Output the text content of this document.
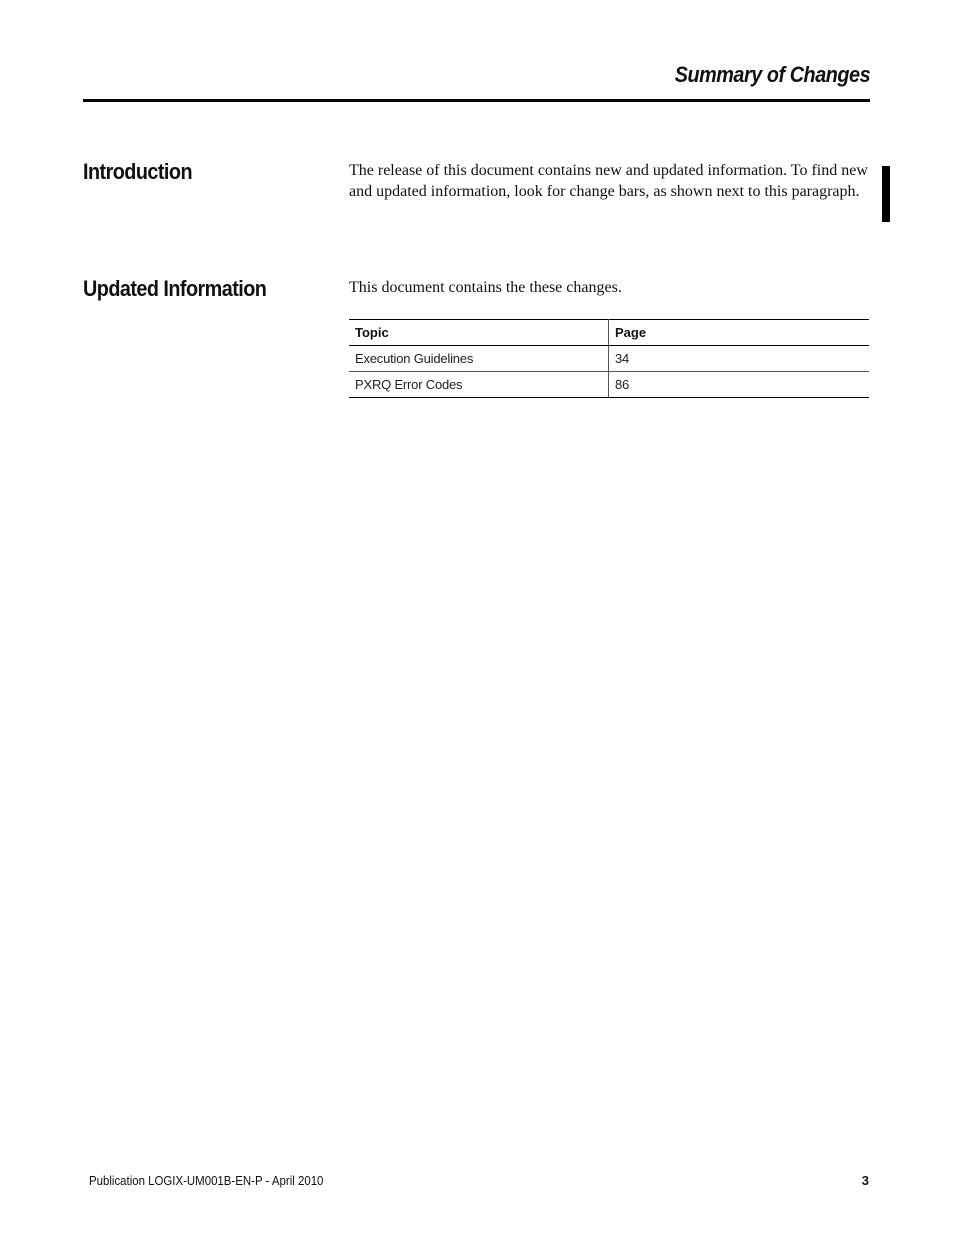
Summary of Changes
Introduction	The release of this document contains new and updated information. To find new and updated information, look for change bars, as shown next to this paragraph.

Updated Information	This document contains the these changes.

Topic	Page
Execution Guidelines	34
PXRQ Error Codes	86
Publication LOGIX-UM001B-EN-P - April 2010	3
